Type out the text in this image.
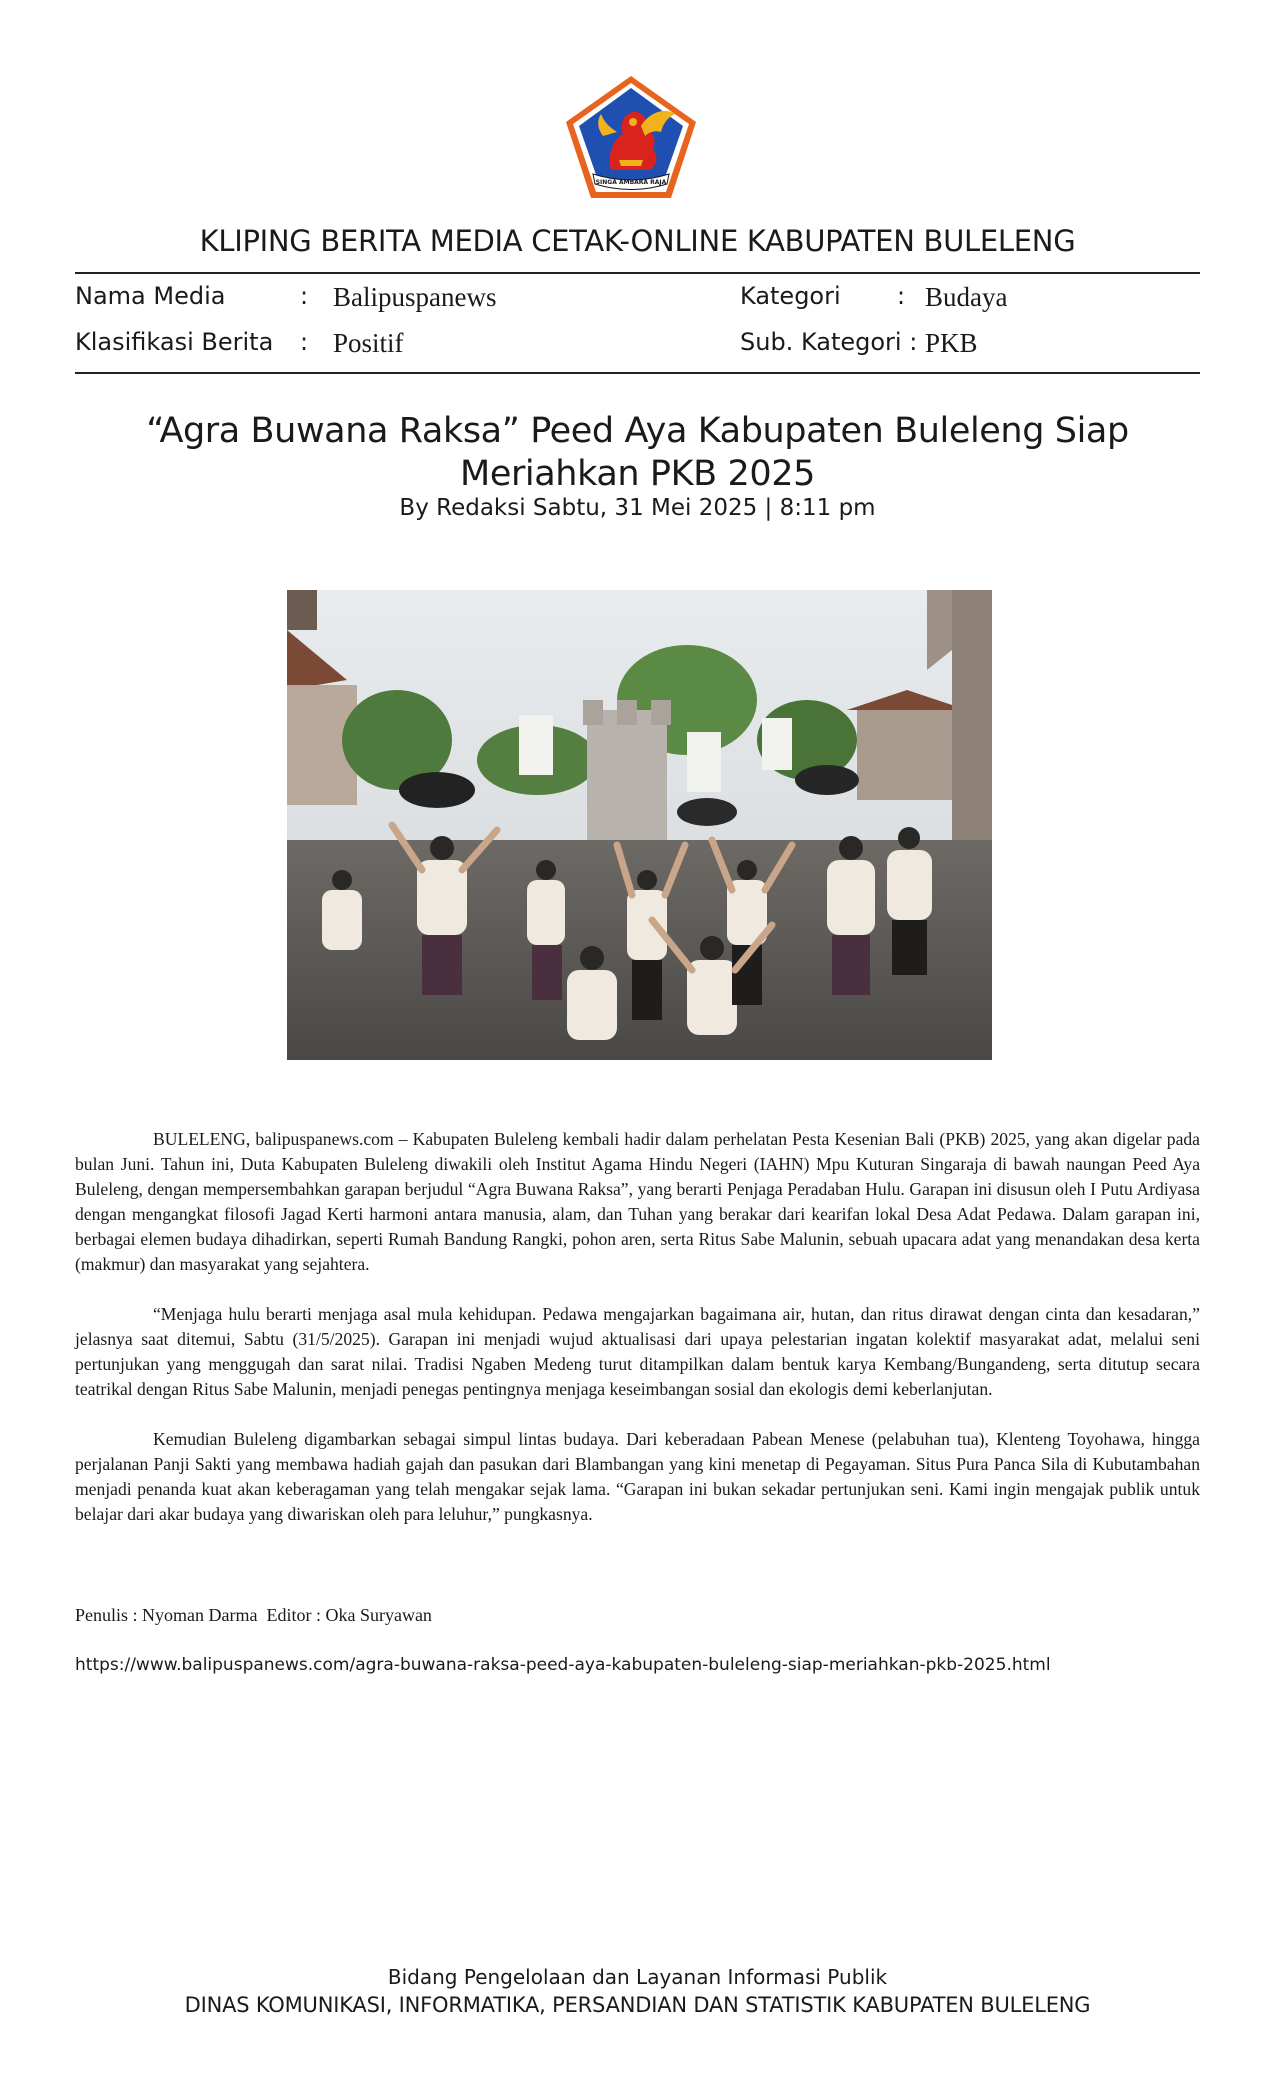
SINGA AMBARA RAJA
KLIPING BERITA MEDIA CETAK-ONLINE KABUPATEN BULELENG
Nama Media	: Balipuspanews	Kategori : Budaya
Klasifikasi Berita : Positif	Sub. Kategori : PKB
“Agra Buwana Raksa” Peed Aya Kabupaten Buleleng Siap
Meriahkan PKB 2025
By Redaksi Sabtu, 31 Mei 2025 | 8:11 pm

BULELENG, balipuspanews.com – Kabupaten Buleleng kembali hadir dalam perhelatan Pesta Kesenian Bali (PKB) 2025, yang akan digelar pada bulan Juni. Tahun ini, Duta Kabupaten Buleleng diwakili oleh Institut Agama Hindu Negeri (IAHN) Mpu Kuturan Singaraja di bawah naungan Peed Aya Buleleng, dengan mempersembahkan garapan berjudul “Agra Buwana Raksa”, yang berarti Penjaga Peradaban Hulu. Garapan ini disusun oleh I Putu Ardiyasa dengan mengangkat filosofi Jagad Kerti harmoni antara manusia, alam, dan Tuhan yang berakar dari kearifan lokal Desa Adat Pedawa. Dalam garapan ini, berbagai elemen budaya dihadirkan, seperti Rumah Bandung Rangki, pohon aren, serta Ritus Sabe Malunin, sebuah upacara adat yang menandakan desa kerta (makmur) dan masyarakat yang sejahtera.

“Menjaga hulu berarti menjaga asal mula kehidupan. Pedawa mengajarkan bagaimana air, hutan, dan ritus dirawat dengan cinta dan kesadaran,” jelasnya saat ditemui, Sabtu (31/5/2025). Garapan ini menjadi wujud aktualisasi dari upaya pelestarian ingatan kolektif masyarakat adat, melalui seni pertunjukan yang menggugah dan sarat nilai. Tradisi Ngaben Medeng turut ditampilkan dalam bentuk karya Kembang/Bungandeng, serta ditutup secara teatrikal dengan Ritus Sabe Malunin, menjadi penegas pentingnya menjaga keseimbangan sosial dan ekologis demi keberlanjutan.

Kemudian Buleleng digambarkan sebagai simpul lintas budaya. Dari keberadaan Pabean Menese (pelabuhan tua), Klenteng Toyohawa, hingga perjalanan Panji Sakti yang membawa hadiah gajah dan pasukan dari Blambangan yang kini menetap di Pegayaman. Situs Pura Panca Sila di Kubutambahan menjadi penanda kuat akan keberagaman yang telah mengakar sejak lama. “Garapan ini bukan sekadar pertunjukan seni. Kami ingin mengajak publik untuk belajar dari akar budaya yang diwariskan oleh para leluhur,” pungkasnya.

Penulis : Nyoman Darma  Editor : Oka Suryawan
https://www.balipuspanews.com/agra-buwana-raksa-peed-aya-kabupaten-buleleng-siap-meriahkan-pkb-2025.html
Bidang Pengelolaan dan Layanan Informasi Publik
DINAS KOMUNIKASI, INFORMATIKA, PERSANDIAN DAN STATISTIK KABUPATEN BULELENG
